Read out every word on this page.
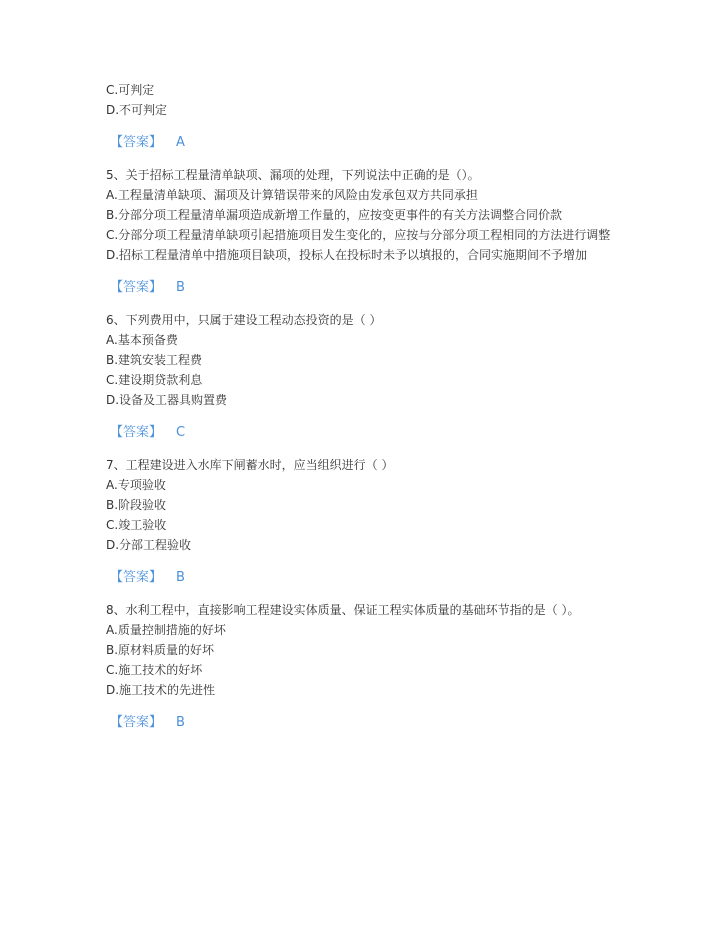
C.可判定
D.不可判定
【答案】 A
5、关于招标工程量清单缺项、漏项的处理，下列说法中正确的是（）。
A.工程量清单缺项、漏项及计算错误带来的风险由发承包双方共同承担
B.分部分项工程量清单漏项造成新增工作量的，应按变更事件的有关方法调整合同价款
C.分部分项工程量清单缺项引起措施项目发生变化的，应按与分部分项工程相同的方法进行调整
D.招标工程量清单中措施项目缺项，投标人在投标时未予以填报的，合同实施期间不予增加
【答案】 B
6、下列费用中，只属于建设工程动态投资的是（ ）
A.基本预备费
B.建筑安装工程费
C.建设期贷款利息
D.设备及工器具购置费
【答案】 C
7、工程建设进入水库下闸蓄水时，应当组织进行（ ）
A.专项验收
B.阶段验收
C.竣工验收
D.分部工程验收
【答案】 B
8、水利工程中，直接影响工程建设实体质量、保证工程实体质量的基础环节指的是（ ）。
A.质量控制措施的好坏
B.原材料质量的好坏
C.施工技术的好坏
D.施工技术的先进性
【答案】 B
